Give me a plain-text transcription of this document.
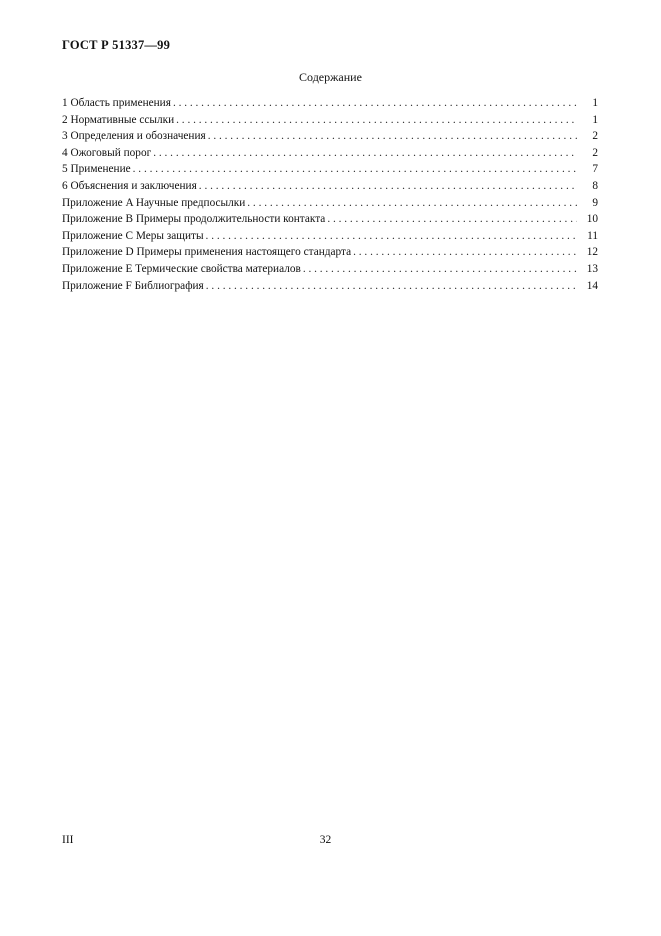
ГОСТ Р 51337—99
Содержание
1 Область применения . . .	1
2 Нормативные ссылки . . .	1
3 Определения и обозначения . . .	2
4 Ожоговый порог . . .	2
5 Применение . . .	7
6 Объяснения и заключения . . .	8
Приложение A Научные предпосылки . . .	9
Приложение B Примеры продолжительности контакта . . .	10
Приложение C Меры защиты . . .	11
Приложение D Примеры применения настоящего стандарта . . .	12
Приложение E Термические свойства материалов . . .	13
Приложение F Библиография . . .	14
III	32
